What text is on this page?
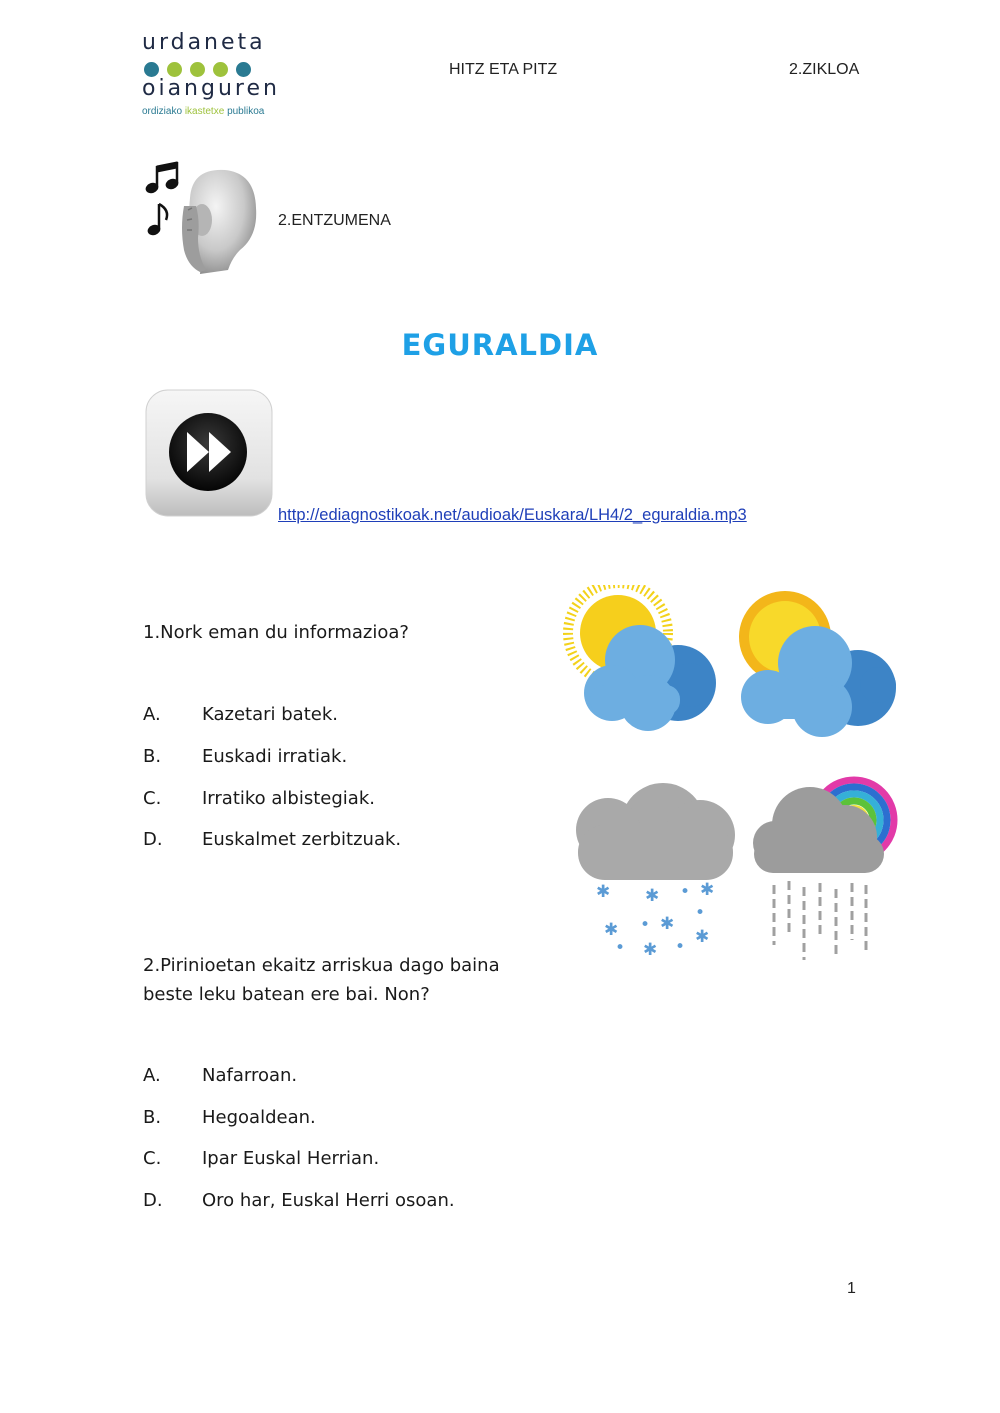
urdaneta
oianguren
ordiziako ikastetxe publikoa
HITZ ETA PITZ	2.ZIKLOA
2.ENTZUMENA
EGURALDIA
http://ediagnostikoak.net/audioak/Euskara/LH4/2_eguraldia.mp3
1.Nork eman du informazioa?
A. Kazetari batek.
B. Euskadi irratiak.
C. Irratiko albistegiak.
D. Euskalmet zerbitzuak.
✱ ✱ • ✱
✱ • ✱
•
• ✱ • ✱
2.Pirinioetan ekaitz arriskua dago baina
beste leku batean ere bai. Non?
A. Nafarroan.
B. Hegoaldean.
C. Ipar Euskal Herrian.
D. Oro har, Euskal Herri osoan.
1
